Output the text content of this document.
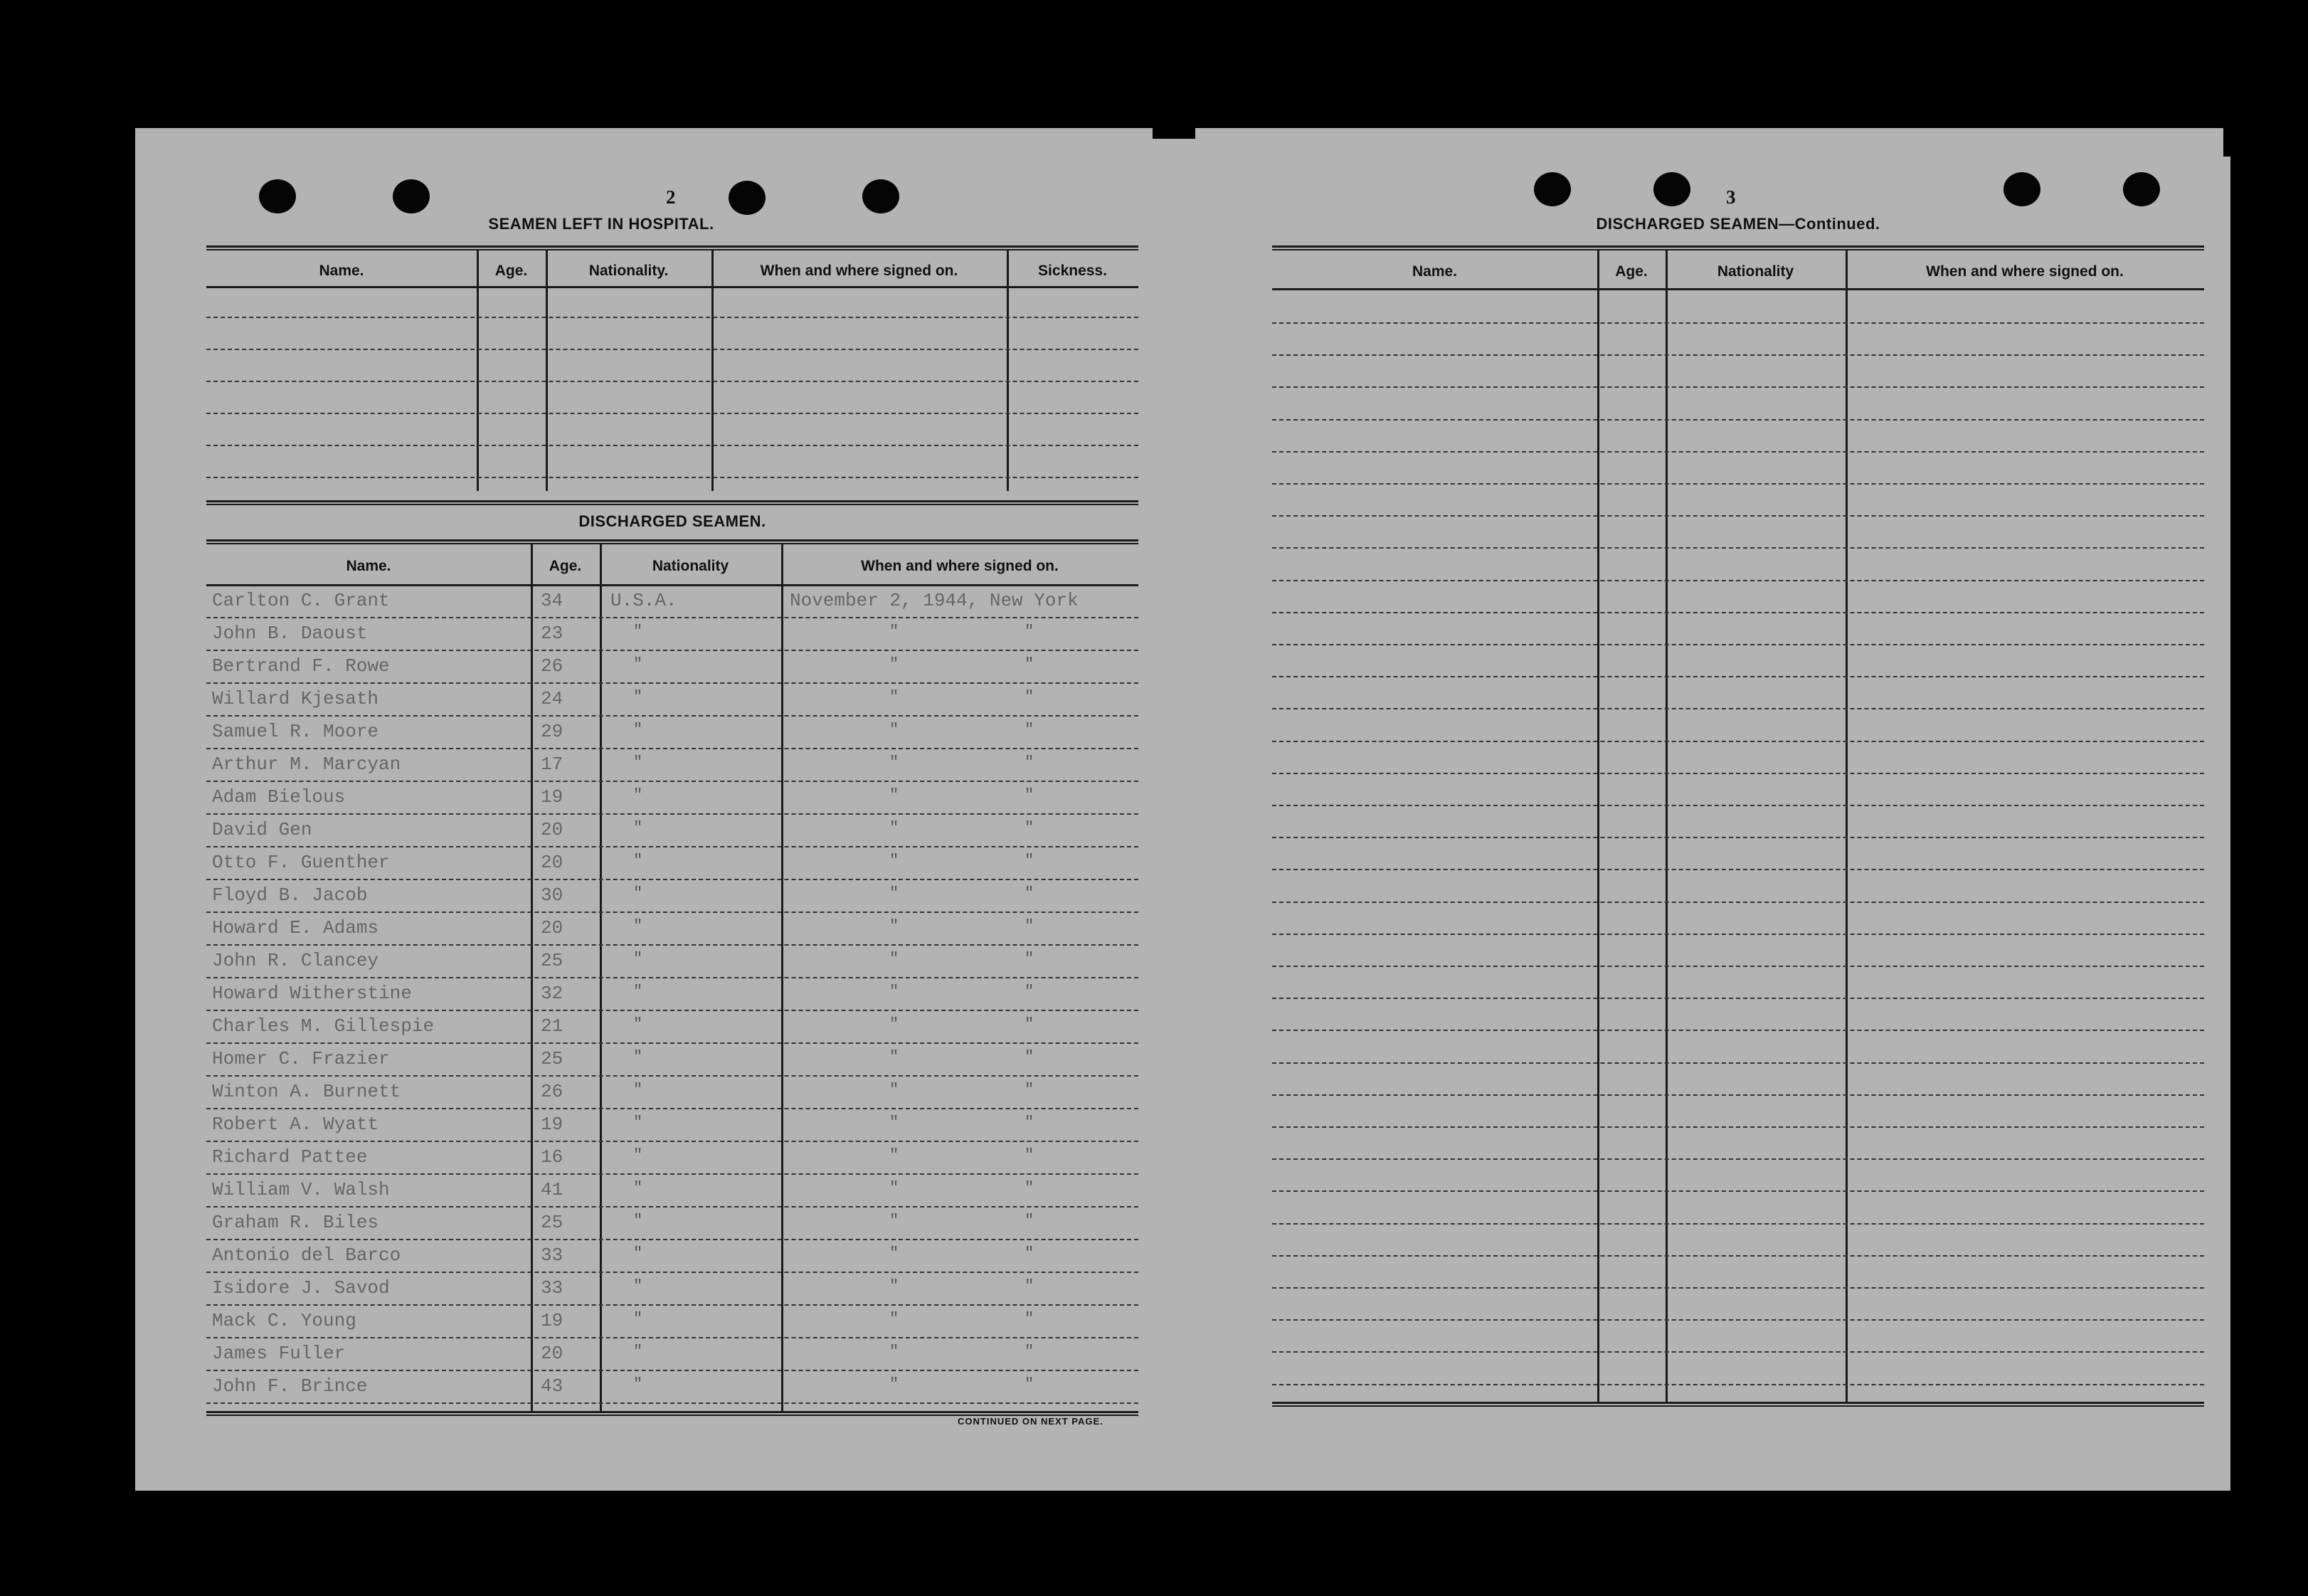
2
SEAMEN LEFT IN HOSPITAL.
Name.	Age.	Nationality.	When and where signed on.	Sickness.
DISCHARGED SEAMEN.
Name.	Age.	Nationality	When and where signed on.
Carlton C. Grant	34	U.S.A.	November 2, 1944, New York
John B. Daoust	23	"	"	"
Bertrand F. Rowe	26	"	"	"
Willard Kjesath	24	"	"	"
Samuel R. Moore	29	"	"	"
Arthur M. Marcyan	17	"	"	"
Adam Bielous	19	"	"	"
David Gen	20	"	"	"
Otto F. Guenther	20	"	"	"
Floyd B. Jacob	30	"	"	"
Howard E. Adams	20	"	"	"
John R. Clancey	25	"	"	"
Howard Witherstine	32	"	"	"
Charles M. Gillespie	21	"	"	"
Homer C. Frazier	25	"	"	"
Winton A. Burnett	26	"	"	"
Robert A. Wyatt	19	"	"	"
Richard Pattee	16	"	"	"
William V. Walsh	41	"	"	"
Graham R. Biles	25	"	"	"
Antonio del Barco	33	"	"	"
Isidore J. Savod	33	"	"	"
Mack C. Young	19	"	"	"
James Fuller	20	"	"	"
John F. Brince	43	"	"	"
CONTINUED ON NEXT PAGE.
3
DISCHARGED SEAMEN—Continued.
Name.	Age.	Nationality	When and where signed on.
